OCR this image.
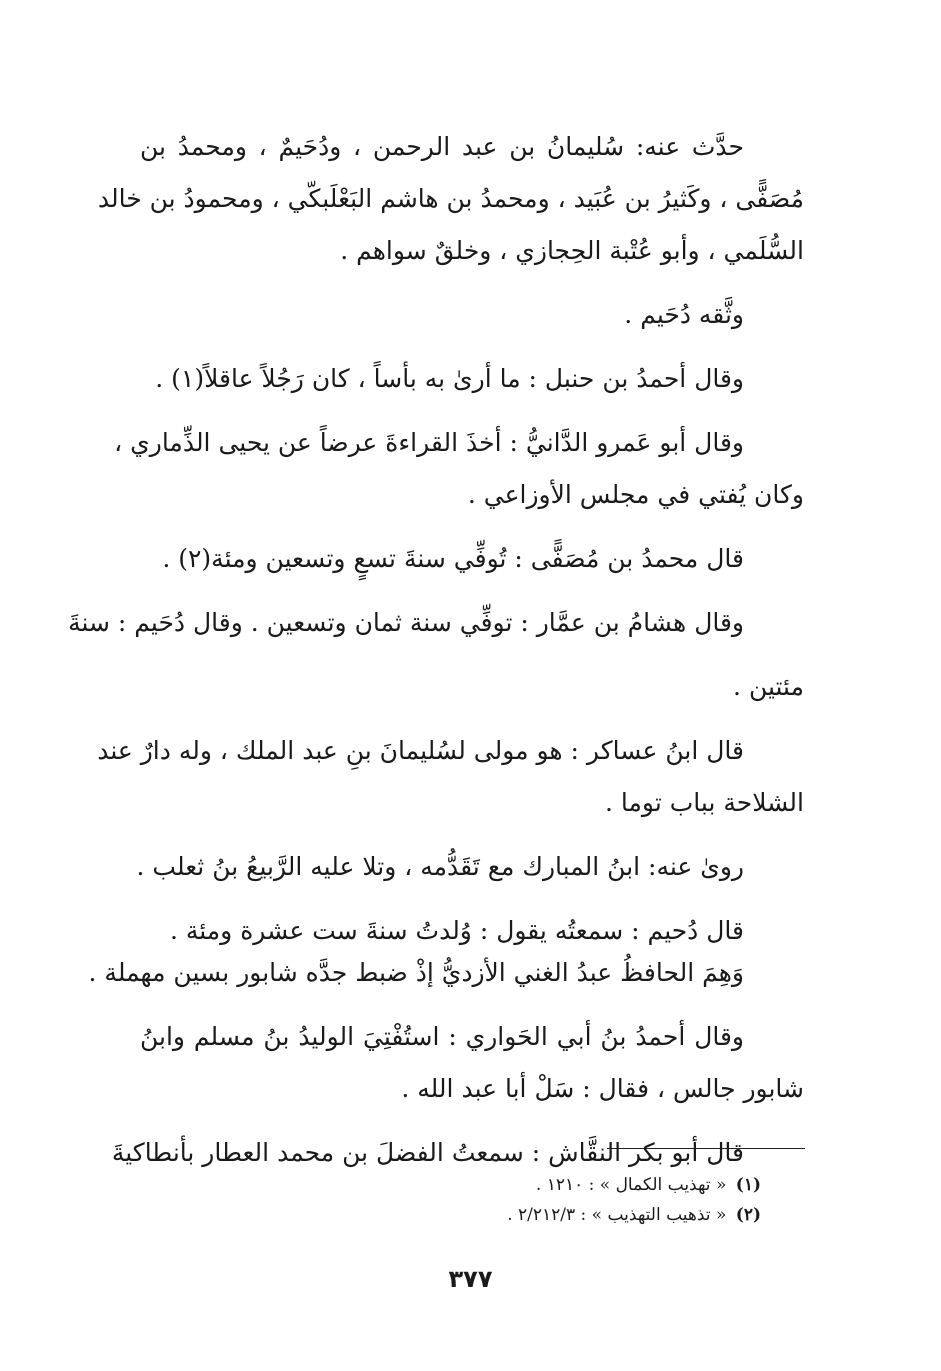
حدَّث عنه: سُليمانُ بن عبد الرحمن ، ودُحَيمٌ ، ومحمدُ بن

مُصَفًّى ، وكَثيرُ بن عُبَيد ، ومحمدُ بن هاشم البَعْلَبكّي ، ومحمودُ بن خالد

السُّلَمي ، وأبو عُتْبة الحِجازي ، وخلقٌ سواهم .

وثَّقه دُحَيم .

وقال أحمدُ بن حنبل : ما أرىٰ به بأساً ، كان رَجُلاً عاقلاً(١) .

وقال أبو عَمرو الدَّانيُّ : أخذَ القراءةَ عرضاً عن يحيى الذِّماري ،

وكان يُفتي في مجلس الأوزاعي .

قال محمدُ بن مُصَفًّى : تُوفِّي سنةَ تسعٍ وتسعين ومئة(٢) .

وقال هشامُ بن عمَّار : توفِّي سنة ثمان وتسعين . وقال دُحَيم : سنةَ

مئتين .

قال ابنُ عساكر : هو مولى لسُليمانَ بنِ عبد الملك ، وله دارٌ عند

الشلاحة بباب توما .

روىٰ عنه: ابنُ المبارك مع تَقَدُّمه ، وتلا عليه الرَّبيعُ بنُ ثعلب .

قال دُحيم : سمعتُه يقول : وُلدتُ سنةَ ست عشرة ومئة .

وَهِمَ الحافظُ عبدُ الغني الأزديُّ إذْ ضبط جدَّه شابور بسين مهملة .

وقال أحمدُ بنُ أبي الحَواري : استُفْتِيَ الوليدُ بنُ مسلم وابنُ

شابور جالس ، فقال : سَلْ أبا عبد الله .

قال أبو بكر النقَّاش : سمعتُ الفضلَ بن محمد العطار بأنطاكيةَ

(١) « تهذيب الكمال » : ١٢١٠ .
(٢) « تذهيب التهذيب » : ٢/٢١٢/٣ .
٣٧٧
